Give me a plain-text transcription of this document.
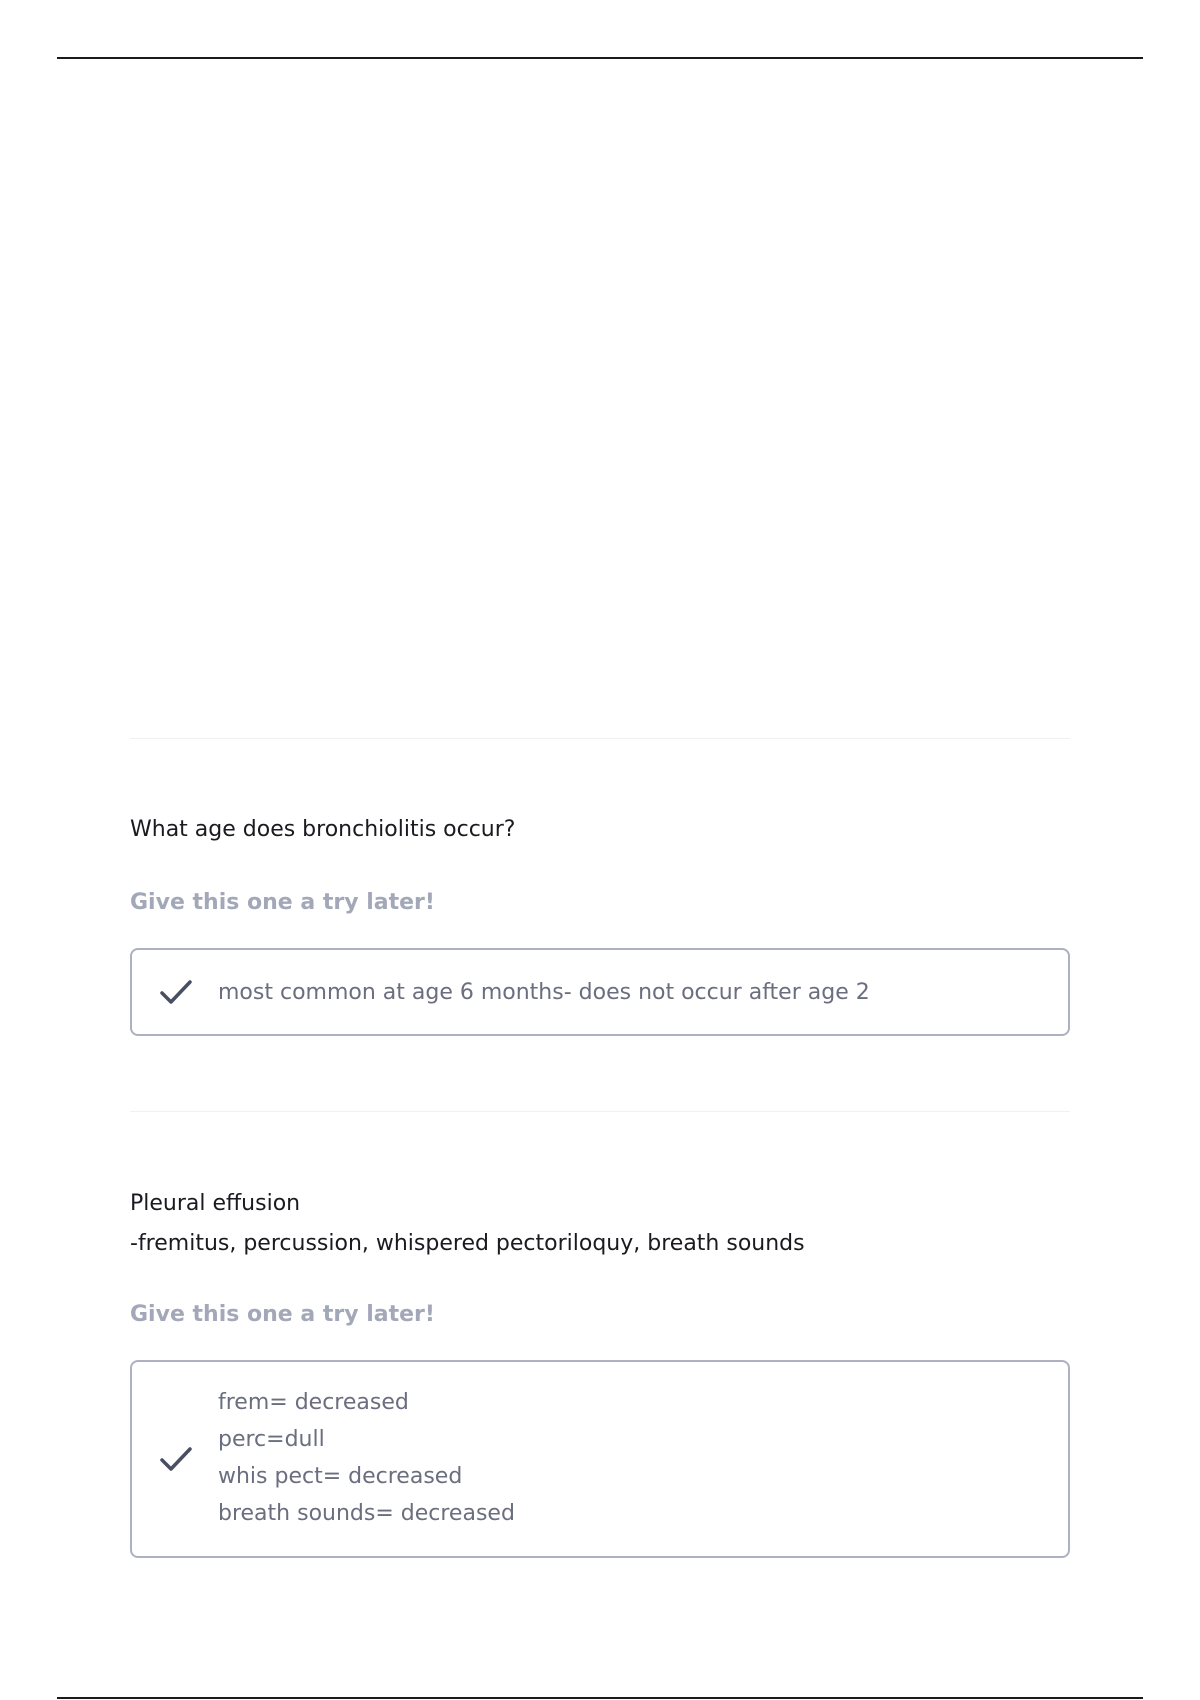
What age does bronchiolitis occur?

Give this one a try later!

most common at age 6 months- does not occur after age 2

Pleural effusion

-fremitus, percussion, whispered pectoriloquy, breath sounds

Give this one a try later!

frem= decreased

perc=dull

whis pect= decreased

breath sounds= decreased
